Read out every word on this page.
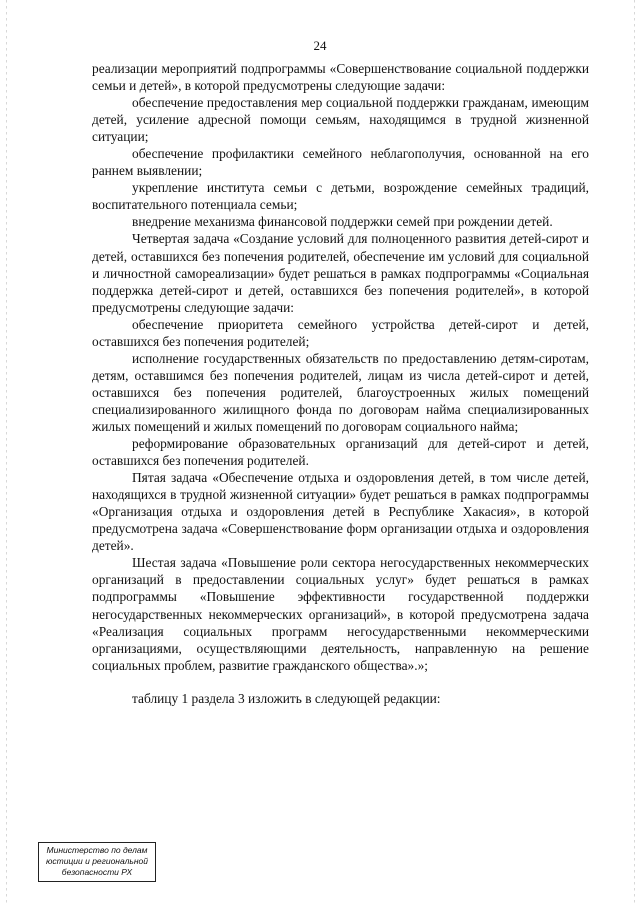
24

реализации мероприятий подпрограммы «Совершенствование социальной поддержки семьи и детей», в которой предусмотрены следующие задачи:

обеспечение предоставления мер социальной поддержки гражданам, имеющим детей, усиление адресной помощи семьям, находящимся в трудной жизненной ситуации;

обеспечение профилактики семейного неблагополучия, основанной на его раннем выявлении;

укрепление института семьи с детьми, возрождение семейных традиций, воспитательного потенциала семьи;

внедрение механизма финансовой поддержки семей при рождении детей.

Четвертая задача «Создание условий для полноценного развития детей-сирот и детей, оставшихся без попечения родителей, обеспечение им условий для социальной и личностной самореализации» будет решаться в рамках подпрограммы «Социальная поддержка детей-сирот и детей, оставшихся без попечения родителей», в которой предусмотрены следующие задачи:

обеспечение приоритета семейного устройства детей-сирот и детей, оставшихся без попечения родителей;

исполнение государственных обязательств по предоставлению детям-сиротам, детям, оставшимся без попечения родителей, лицам из числа детей-сирот и детей, оставшихся без попечения родителей, благоустроенных жилых помещений специализированного жилищного фонда по договорам найма специализированных жилых помещений и жилых помещений по договорам социального найма;

реформирование образовательных организаций для детей-сирот и детей, оставшихся без попечения родителей.

Пятая задача «Обеспечение отдыха и оздоровления детей, в том числе детей, находящихся в трудной жизненной ситуации» будет решаться в рамках подпрограммы «Организация отдыха и оздоровления детей в Республике Хакасия», в которой предусмотрена задача «Совершенствование форм организации отдыха и оздоровления детей».

Шестая задача «Повышение роли сектора негосударственных некоммерческих организаций в предоставлении социальных услуг» будет решаться в рамках подпрограммы «Повышение эффективности государственной поддержки негосударственных некоммерческих организаций», в которой предусмотрена задача «Реализация социальных программ негосударственными некоммерческими организациями, осуществляющими деятельность, направленную на решение социальных проблем, развитие гражданского общества».»;

таблицу 1 раздела 3 изложить в следующей редакции:

Министерство по делам
юстиции и региональной
безопасности РХ
